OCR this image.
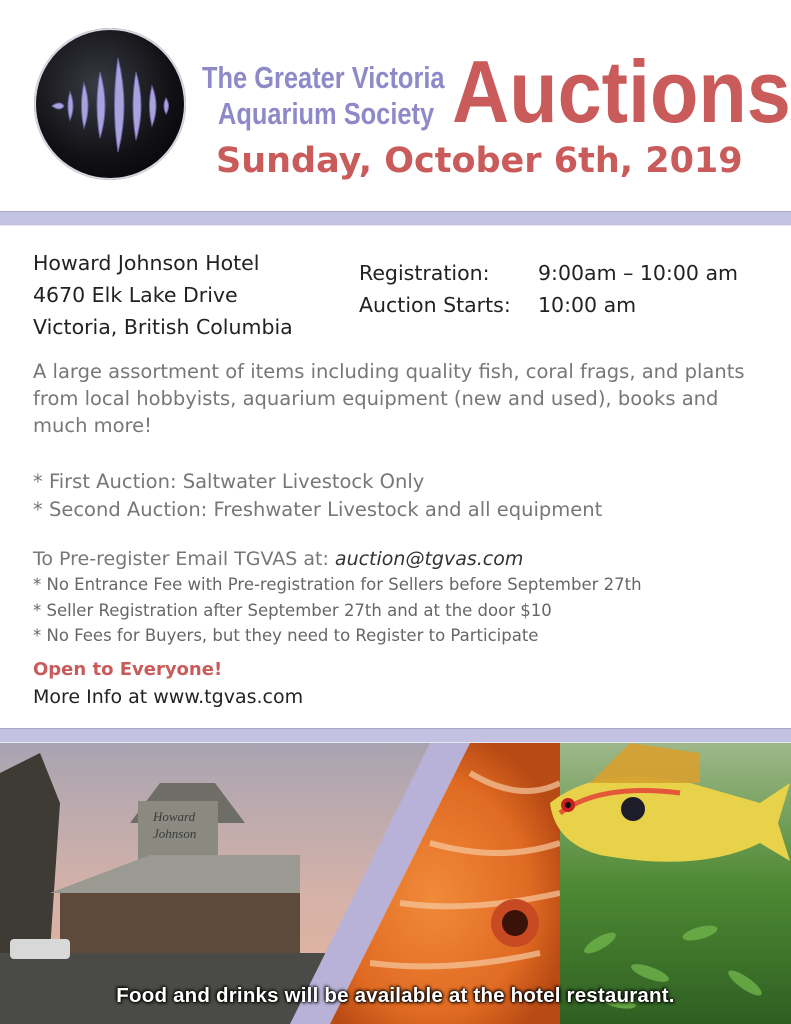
The Greater Victoria
Aquarium Society Auctions
Sunday, October 6th, 2019
Howard Johnson Hotel
4670 Elk Lake Drive
Victoria, British Columbia
Registration: 9:00am – 10:00 am
Auction Starts: 10:00 am
A large assortment of items including quality fish, coral frags, and plants from local hobbyists, aquarium equipment (new and used), books and much more!
* First Auction: Saltwater Livestock Only
* Second Auction: Freshwater Livestock and all equipment
To Pre-register Email TGVAS at: auction@tgvas.com
* No Entrance Fee with Pre-registration for Sellers before September 27th
* Seller Registration after September 27th and at the door $10
* No Fees for Buyers, but they need to Register to Participate
Open to Everyone!
More Info at www.tgvas.com
Howard
Johnson
Food and drinks will be available at the hotel restaurant.
